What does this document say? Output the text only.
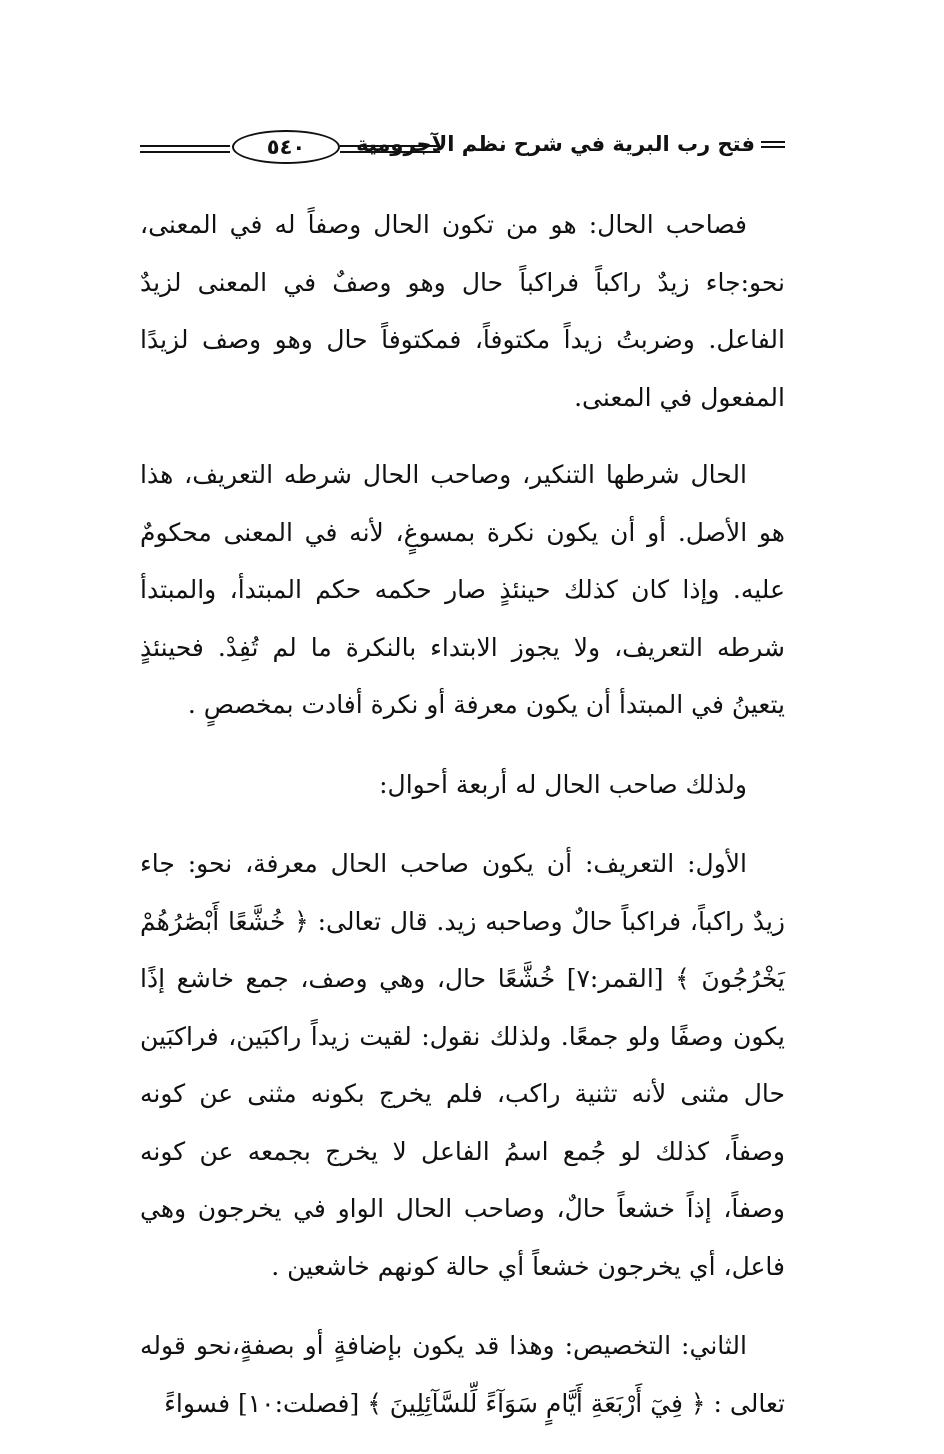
فتح رب البرية في شرح نظم الآجرومية
٥٤٠

فصاحب الحال: هو من تكون الحال وصفاً له في المعنى، نحو:جاء زيدٌ راكباً فراكباً حال وهو وصفٌ في المعنى لزيدٌ الفاعل. وضربتُ زيداً مكتوفاً، فمكتوفاً حال وهو وصف لزيدًا المفعول في المعنى.

الحال شرطها التنكير، وصاحب الحال شرطه التعريف، هذا هو الأصل. أو أن يكون نكرة بمسوغٍ، لأنه في المعنى محكومٌ عليه. وإذا كان كذلك حينئذٍ صار حكمه حكم المبتدأ، والمبتدأ شرطه التعريف، ولا يجوز الابتداء بالنكرة ما لم تُفِدْ. فحينئذٍ يتعينُ في المبتدأ أن يكون معرفة أو نكرة أفادت بمخصصٍ .

ولذلك صاحب الحال له أربعة أحوال:

الأول: التعريف: أن يكون صاحب الحال معرفة، نحو: جاء زيدٌ راكباً، فراكباً حالٌ وصاحبه زيد. قال تعالى: ﴿ خُشَّعًا أَبْصَٰرُهُمْ يَخْرُجُونَ ﴾ [القمر:٧] خُشَّعًا حال، وهي وصف، جمع خاشع إذًا يكون وصفًا ولو جمعًا. ولذلك نقول: لقيت زيداً راكبَين، فراكبَين حال مثنى لأنه تثنية راكب، فلم يخرج بكونه مثنى عن كونه وصفاً، كذلك لو جُمع اسمُ الفاعل لا يخرج بجمعه عن كونه وصفاً، إذاً خشعاً حالٌ، وصاحب الحال الواو في يخرجون وهي فاعل، أي يخرجون خشعاً أي حالة كونهم خاشعين .

الثاني: التخصيص: وهذا قد يكون بإضافةٍ أو بصفةٍ،نحو قوله تعالى : ﴿ فِيٓ أَرْبَعَةِ أَيَّامٍ سَوَآءً لِّلسَّآئِلِينَ ﴾ [فصلت:١٠] فسواءً
